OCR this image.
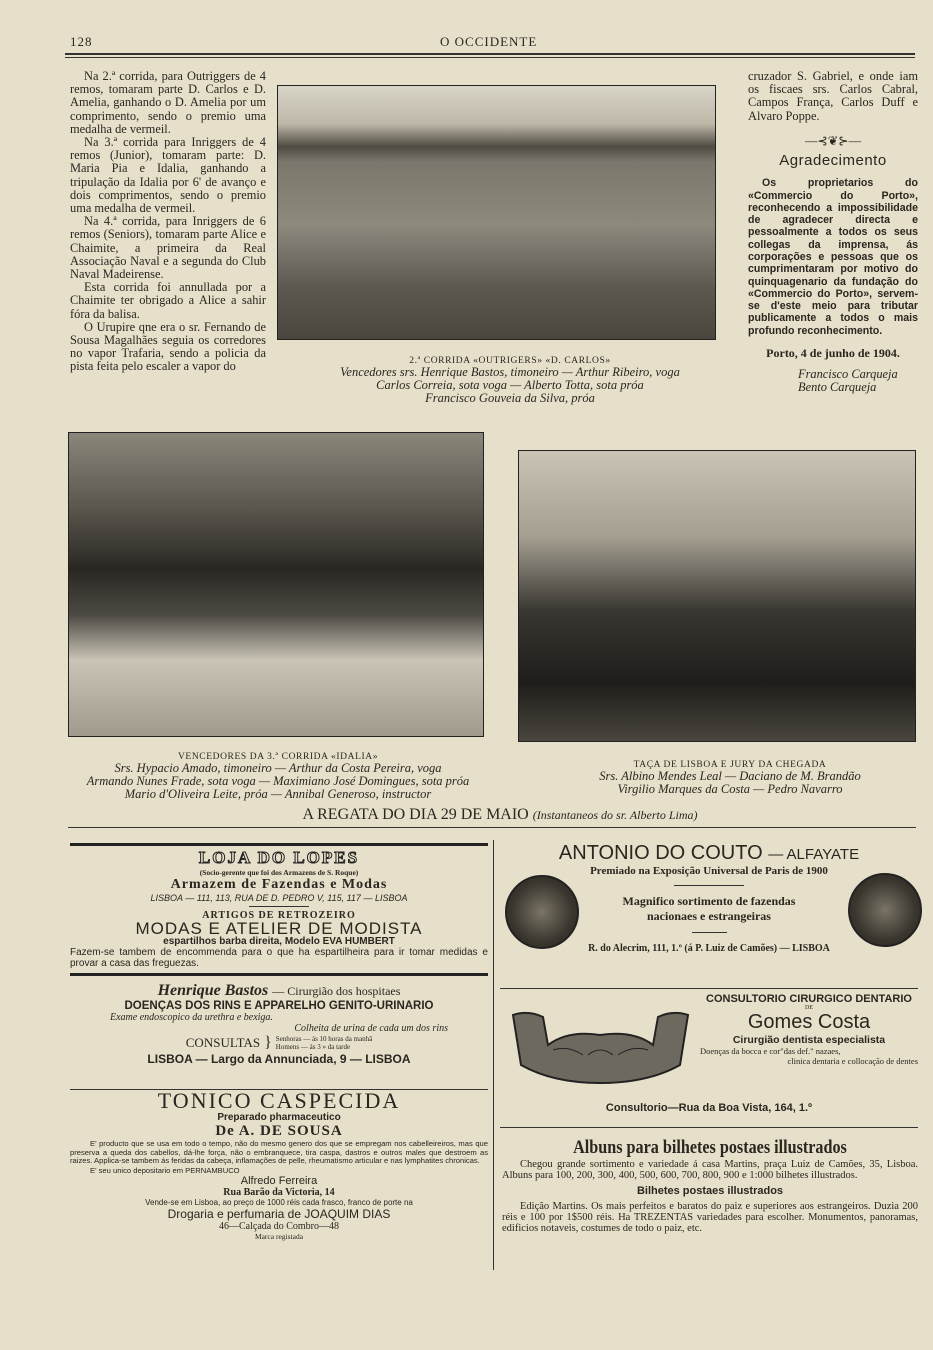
128	O OCCIDENTE

Na 2.ª corrida, para Outriggers de 4 remos, tomaram parte D. Carlos e D. Amelia, ganhando o D. Amelia por um comprimento, sendo o premio uma medalha de vermeil.

Na 3.ª corrida para Inriggers de 4 remos (Junior), tomaram parte: D. Maria Pia e Idalia, ganhando a tripulação da Idalia por 6' de avanço e dois comprimentos, sendo o premio uma medalha de vermeil.

Na 4.ª corrida, para Inriggers de 6 remos (Seniors), tomaram parte Alice e Chaimite, a primeira da Real Associação Naval e a segunda do Club Naval Madeirense.

Esta corrida foi annullada por a Chaimite ter obrigado a Alice a sahir fóra da balisa.

O Urupire qne era o sr. Fernando de Sousa Magalhães seguia os corredores no vapor Trafaria, sendo a policia da pista feita pelo escaler a vapor do	2.ª CORRIDA «OUTRIGERS» «D. CARLOS»
Vencedores srs. Henrique Bastos, timoneiro — Arthur Ribeiro, voga
Carlos Correia, sota voga — Alberto Totta, sota próa
Francisco Gouveia da Silva, próa

cruzador S. Gabriel, e onde iam os fiscaes srs. Carlos Cabral, Campos França, Carlos Duff e Alvaro Poppe.

—⊰❦⊱—
Agradecimento

Os proprietarios do «Commercio do Porto», reconhecendo a impossibilidade de agradecer directa e pessoalmente a todos os seus collegas da imprensa, ás corporações e pessoas que os cumprimentaram por motivo do quinquagenario da fundação do «Commercio do Porto», servem-se d'este meio para tributar publicamente a todos o mais profundo reconhecimento.

Porto, 4 de junho de 1904.
Francisco Carqueja
Bento Carqueja
VENCEDORES DA 3.ª CORRIDA «IDALIA»
Srs. Hypacio Amado, timoneiro — Arthur da Costa Pereira, voga
Armando Nunes Frade, sota voga — Maximiano José Domingues, sota próa
Mario d'Oliveira Leite, próa — Annibal Generoso, instructor
TAÇA DE LISBOA E JURY DA CHEGADA
Srs. Albino Mendes Leal — Daciano de M. Brandão
Virgilio Marques da Costa — Pedro Navarro
A REGATA DO DIA 29 DE MAIO (Instantaneos do sr. Alberto Lima)
LOJA DO LOPES
(Socio-gerente que foi dos Armazens de S. Roque)
Armazem de Fazendas e Modas
LISBOA — 111, 113, RUA DE D. PEDRO V, 115, 117 — LISBOA
ARTIGOS DE RETROZEIRO
MODAS E ATELIER DE MODISTA
espartilhos barba direita, Modelo EVA HUMBERT
Fazem-se tambem de encommenda para o que ha espartilheira para ir tomar medidas e provar a casa das freguezas.
Henrique Bastos — Cirurgião dos hospitaes
DOENÇAS DOS RINS E APPARELHO GENITO-URINARIO
Exame endoscopico da urethra e bexiga.
Colheita de urina de cada um dos rins
CONSULTAS } Senhoras — ás 10 horas da manhã
Homens — ás 3 » da tarde
LISBOA — Largo da Annunciada, 9 — LISBOA
TONICO CASPECIDA
Preparado pharmaceutico
De A. DE SOUSA
E' producto que se usa em todo o tempo, não do mesmo genero dos que se empregam nos cabelleireiros, mas que preserva a queda dos cabellos, dá-lhe força, não o embranquece, tira caspa, dastros e outros males que destroem as raizes. Applica-se tambem ás feridas da cabeça, inflamações de pelle, rheumatismo articular e nas lymphatites chronicas.
E' seu unico depositario em PERNAMBUCO
Alfredo Ferreira
Rua Barão da Victoria, 14
Vende-se em Lisboa, ao preço de 1000 réis cada frasco, franco de porte na
Drogaria e perfumaria de JOAQUIM DIAS
46—Calçada do Combro—48
Marca registada
ANTONIO DO COUTO — ALFAYATE
Premiado na Exposição Universal de Paris de 1900
Magnifico sortimento de fazendas
nacionaes e estrangeiras
R. do Alecrim, 111, 1.º (á P. Luiz de Camões) — LISBOA
CONSULTORIO CIRURGICO DENTARIO
DE
Gomes Costa
Cirurgião dentista especialista
Doenças da bocca e cor"das def." nazaes,
clinica dentaria e collocação de dentes
Consultorio—Rua da Boa Vista, 164, 1.º
Albuns para bilhetes postaes illustrados
Chegou grande sortimento e variedade á casa Martins, praça Luiz de Camões, 35, Lisboa. Albuns para 100, 200, 300, 400, 500, 600, 700, 800, 900 e 1:000 bilhetes illustrados.
Bilhetes postaes illustrados
Edição Martins. Os mais perfeitos e baratos do paiz e superiores aos estrangeiros. Duzia 200 réis e 100 por 1$500 réis. Ha TREZENTAS variedades para escolher. Monumentos, panoramas, edificios notaveis, costumes de todo o paiz, etc.
